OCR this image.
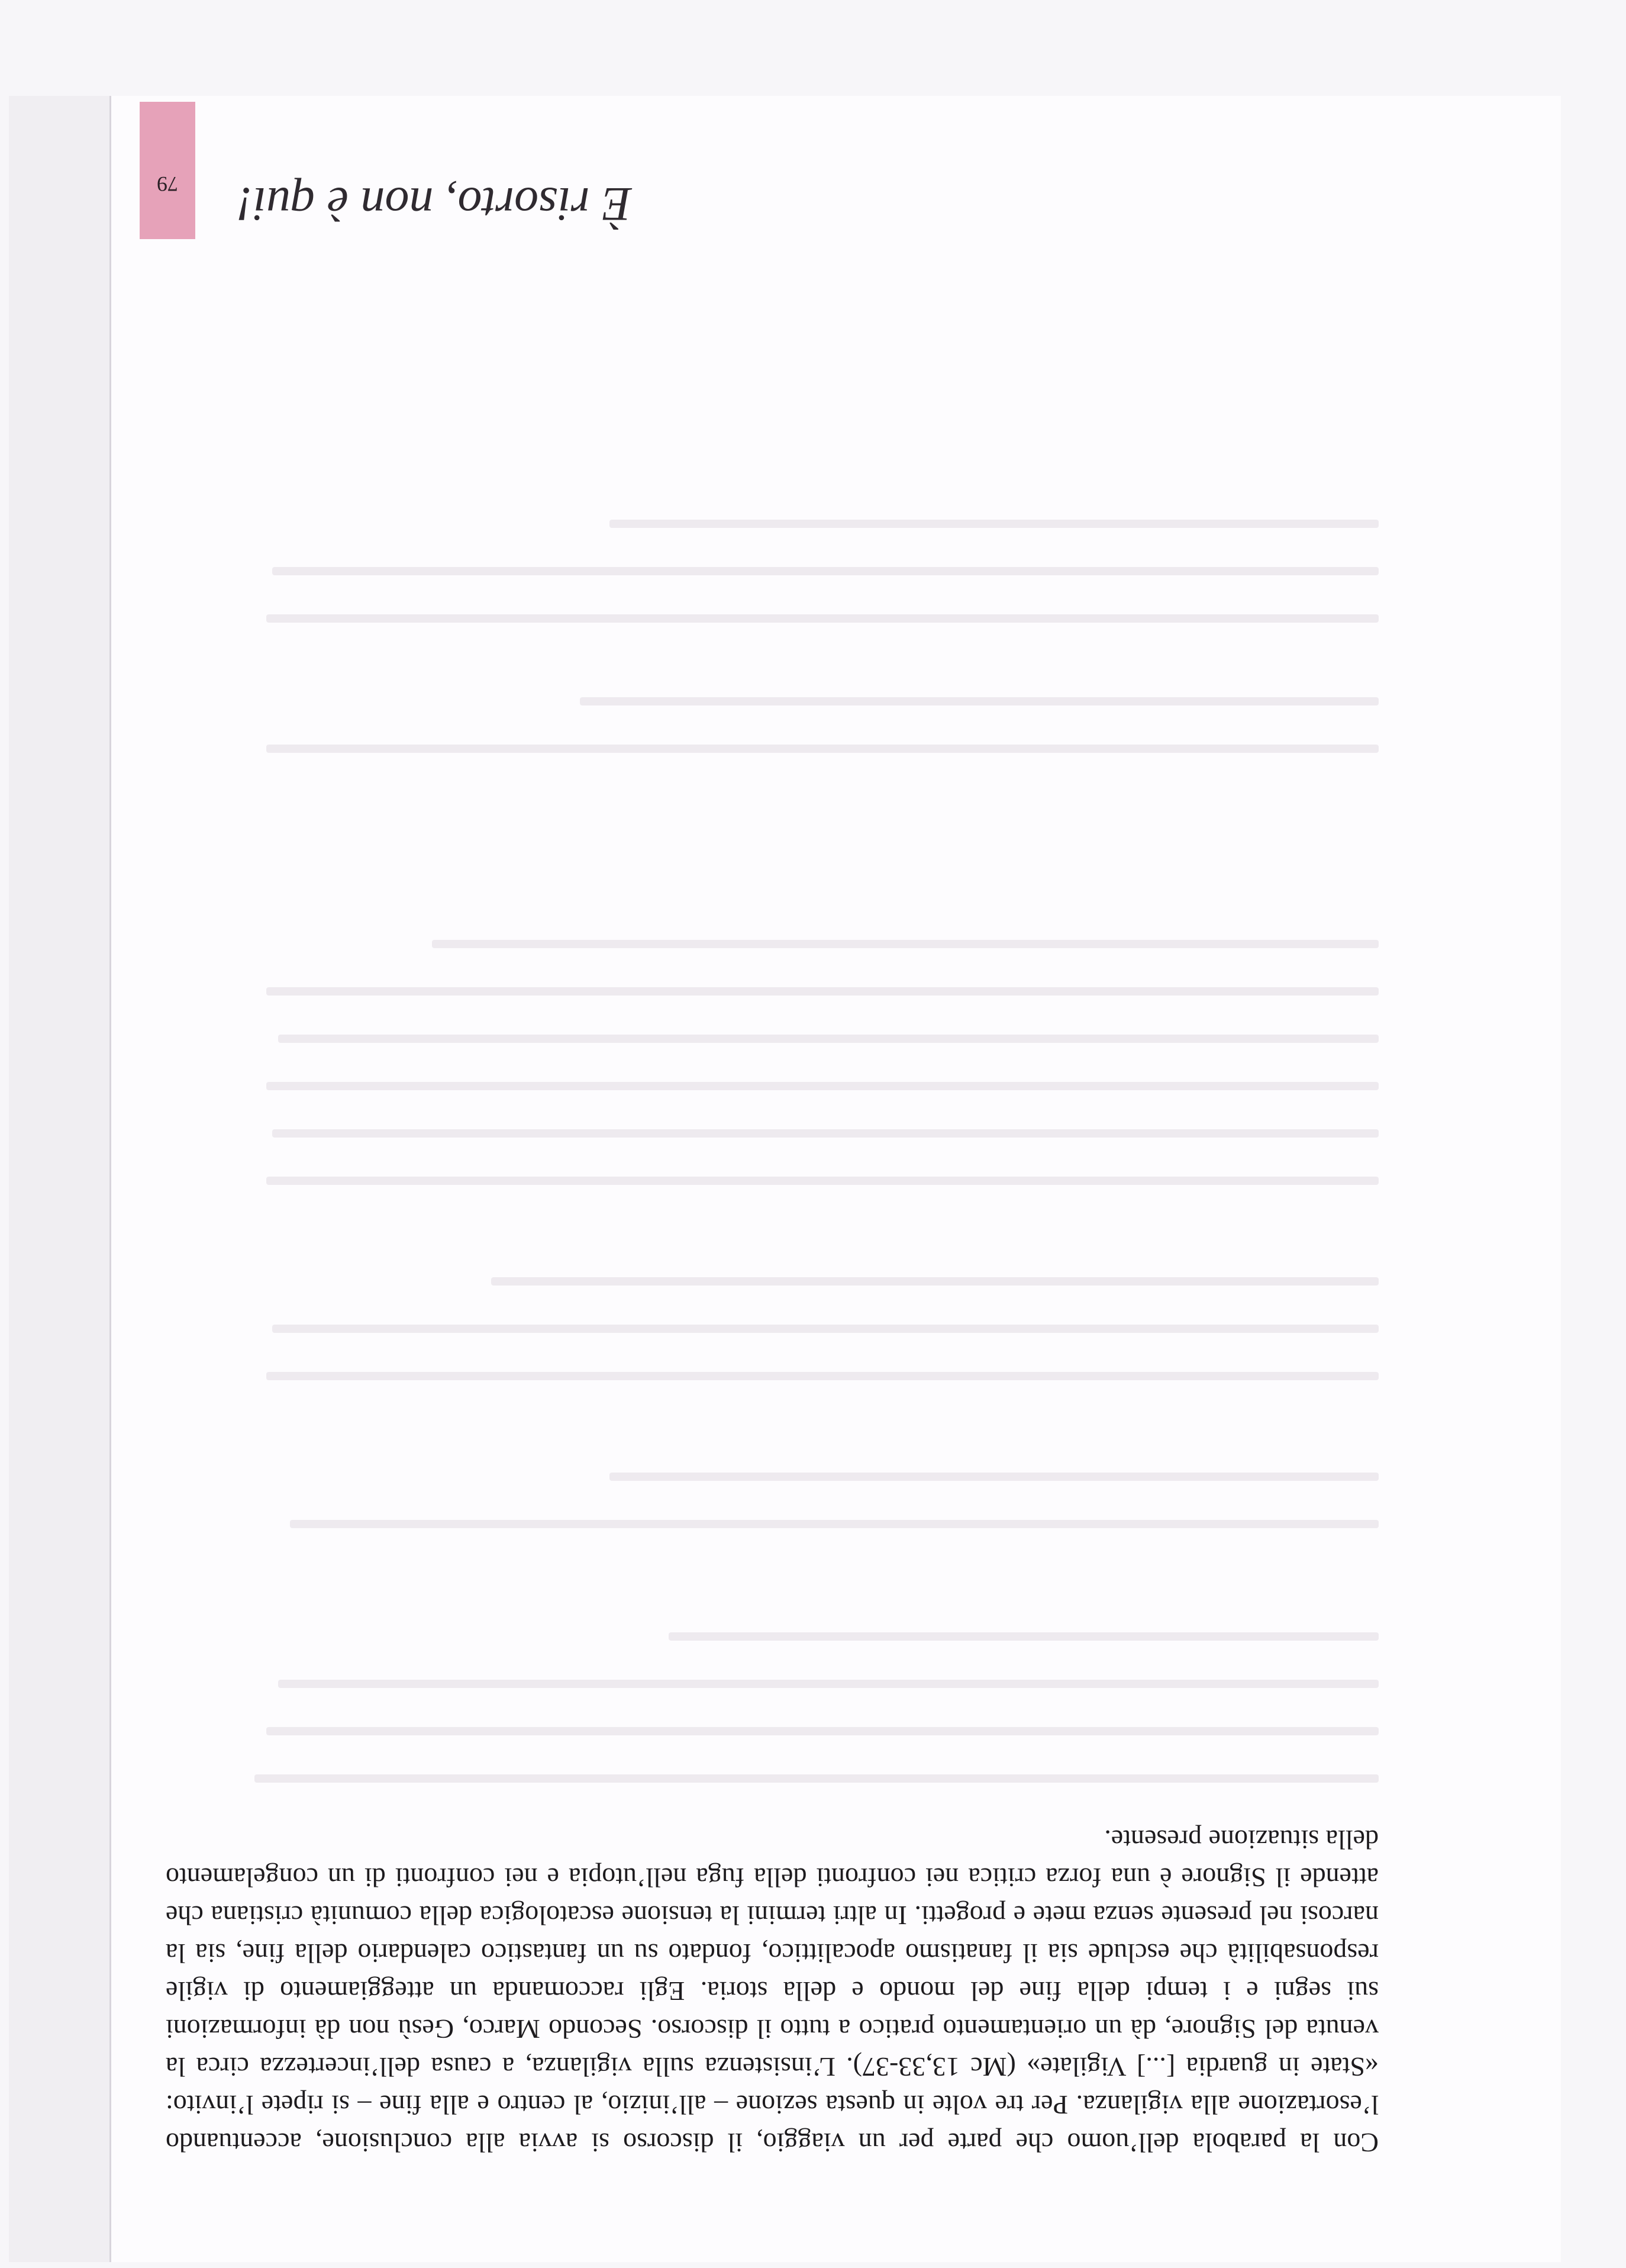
Con la parabola dell’uomo che parte per un viaggio, il discorso si avvia alla conclusione, accentuando l’esortazione alla vigilanza. Per tre volte in questa sezione – all’inizio, al centro e alla fine – si ripete l’invito: «State in guardia [...] Vigilate» (Mc 13,33-37). L’insistenza sulla vigilanza, a causa dell’incertezza circa la venuta del Signore, dà un orientamento pratico a tutto il discorso. Secondo Marco, Gesù non dà informazioni sui segni e i tempi della fine del mondo e della storia. Egli raccomanda un atteggiamento di vigile responsabilità che esclude sia il fanatismo apocalittico, fondato su un fantastico calendario della fine, sia la narcosi nel presente senza mete e progetti. In altri termini la tensione escatologica della comunità cristiana che attende il Signore è una forza critica nei confronti della fuga nell’utopia e nei confronti di un congelamento della situazione presente.

È risorto, non è qui!
79
